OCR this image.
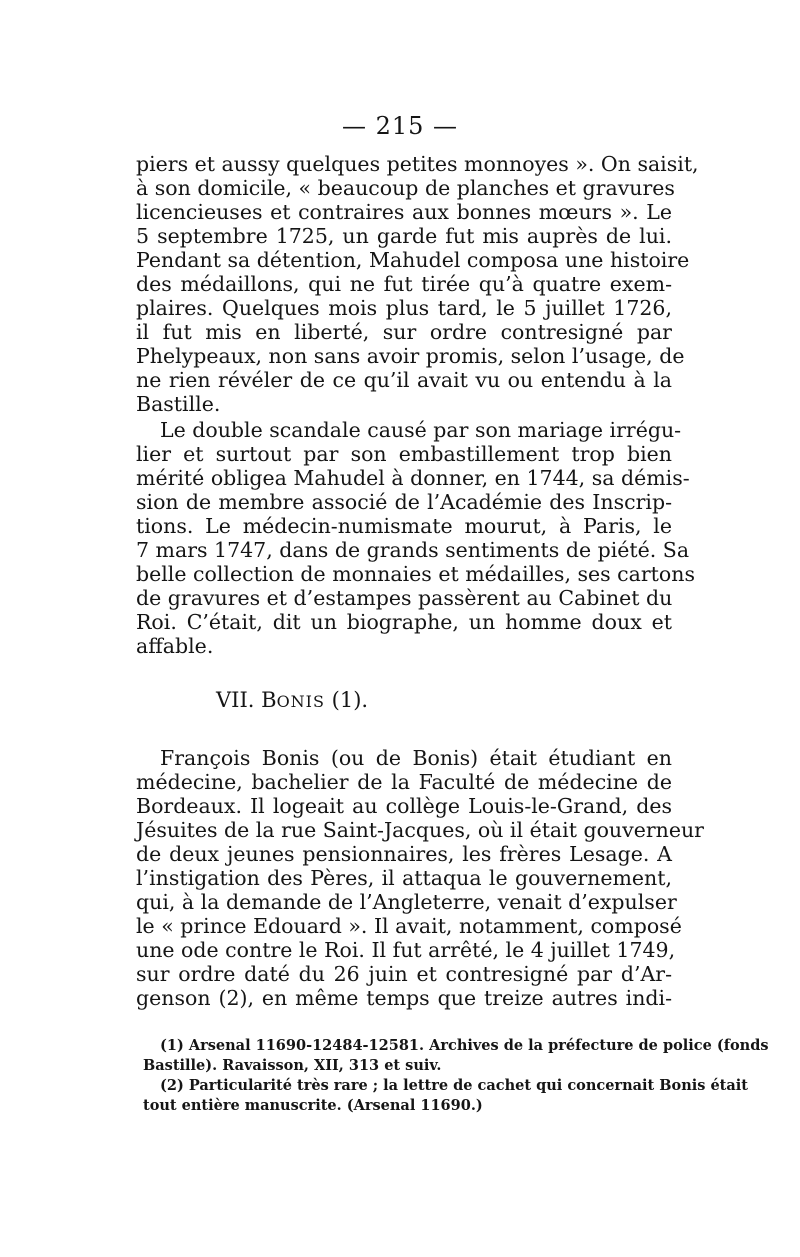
— 215 —
piers et aussy quelques petites monnoyes ». On saisit,
à son domicile, « beaucoup de planches et gravures
licencieuses et contraires aux bonnes mœurs ». Le
5 septembre 1725, un garde fut mis auprès de lui.
Pendant sa détention, Mahudel composa une histoire
des médaillons, qui ne fut tirée qu’à quatre exem-
plaires. Quelques mois plus tard, le 5 juillet 1726,
il fut mis en liberté, sur ordre contresigné par
Phelypeaux, non sans avoir promis, selon l’usage, de
ne rien révéler de ce qu’il avait vu ou entendu à la
Bastille.
Le double scandale causé par son mariage irrégu-
lier et surtout par son embastillement trop bien
mérité obligea Mahudel à donner, en 1744, sa démis-
sion de membre associé de l’Académie des Inscrip-
tions. Le médecin-numismate mourut, à Paris, le
7 mars 1747, dans de grands sentiments de piété. Sa
belle collection de monnaies et médailles, ses cartons
de gravures et d’estampes passèrent au Cabinet du
Roi. C’était, dit un biographe, un homme doux et
affable.
VII. BONIS (1).
François Bonis (ou de Bonis) était étudiant en
médecine, bachelier de la Faculté de médecine de
Bordeaux. Il logeait au collège Louis-le-Grand, des
Jésuites de la rue Saint-Jacques, où il était gouverneur
de deux jeunes pensionnaires, les frères Lesage. A
l’instigation des Pères, il attaqua le gouvernement,
qui, à la demande de l’Angleterre, venait d’expulser
le « prince Edouard ». Il avait, notamment, composé
une ode contre le Roi. Il fut arrêté, le 4 juillet 1749,
sur ordre daté du 26 juin et contresigné par d’Ar-
genson (2), en même temps que treize autres indi-
(1) Arsenal 11690-12484-12581. Archives de la préfecture de police (fonds
Bastille). Ravaisson, XII, 313 et suiv.
(2) Particularité très rare ; la lettre de cachet qui concernait Bonis était
tout entière manuscrite. (Arsenal 11690.)
